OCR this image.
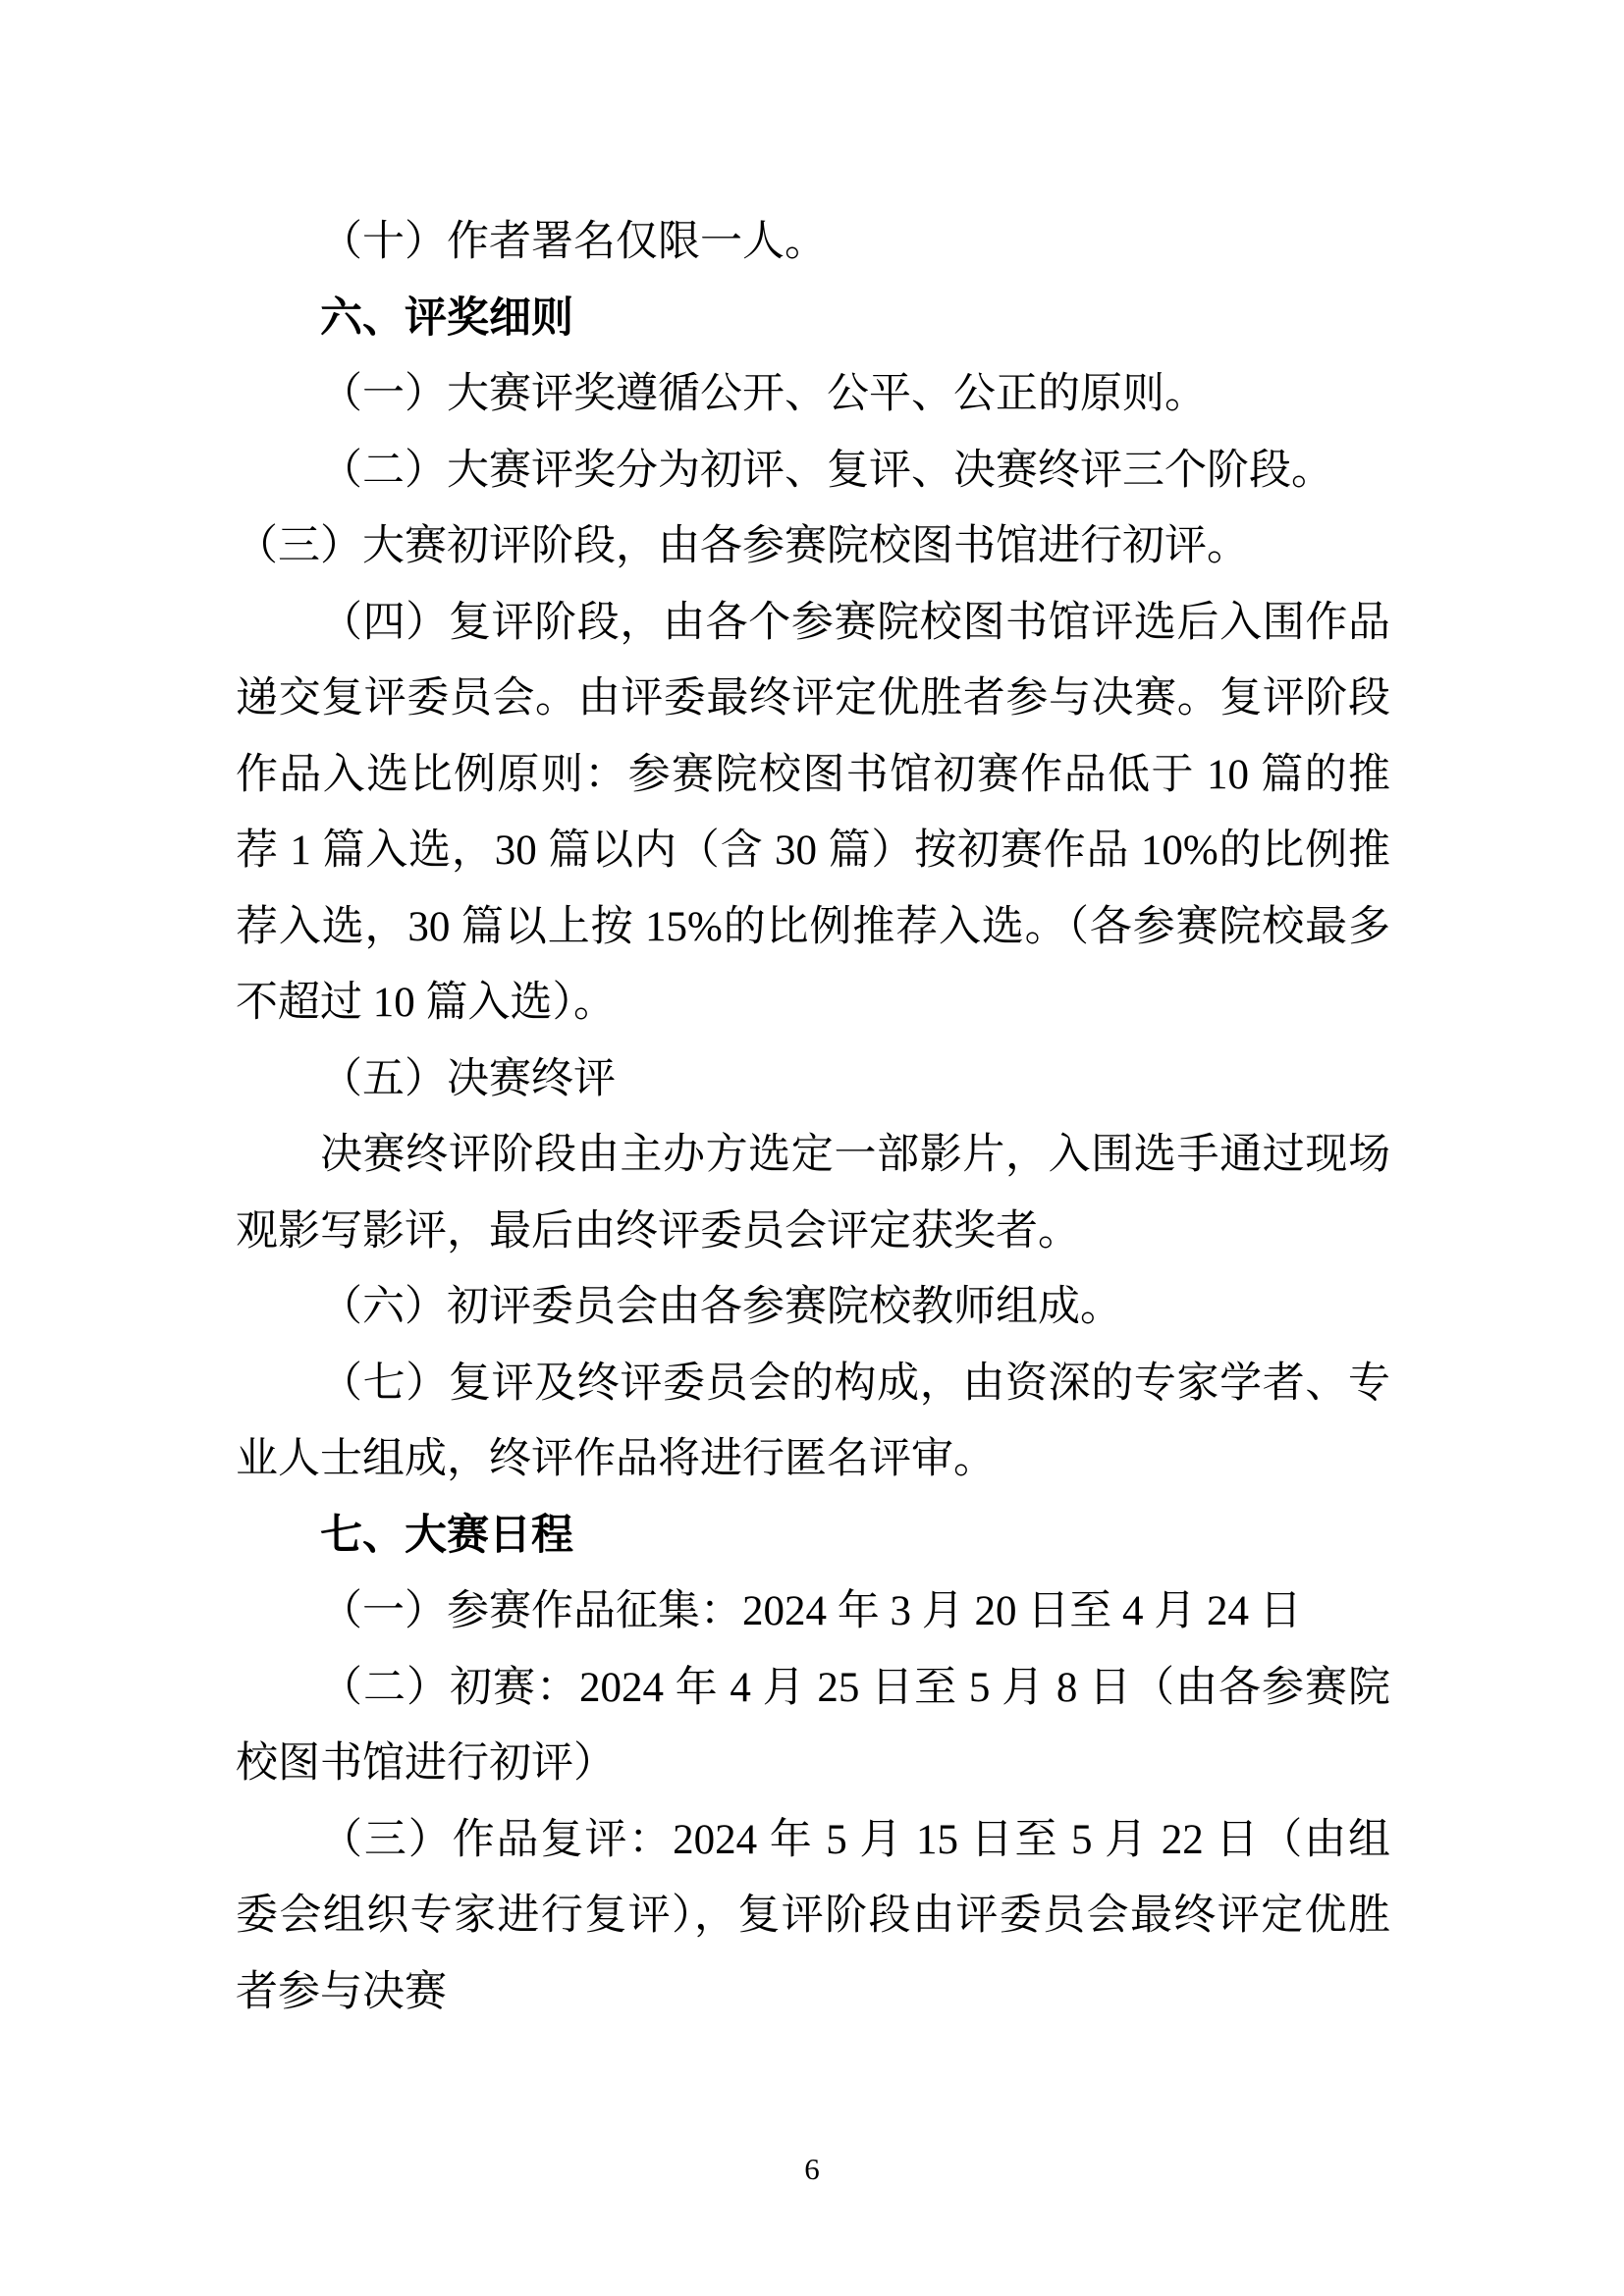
（十）作者署名仅限一人。
六、评奖细则
（一）大赛评奖遵循公开、公平、公正的原则。
（二）大赛评奖分为初评、复评、决赛终评三个阶段。
（三）大赛初评阶段，由各参赛院校图书馆进行初评。
（四）复评阶段，由各个参赛院校图书馆评选后入围作品
递交复评委员会。由评委最终评定优胜者参与决赛。复评阶段
作品入选比例原则：参赛院校图书馆初赛作品低于 10 篇的推
荐 1 篇入选，30 篇以内（含 30 篇）按初赛作品 10%的比例推
荐入选，30 篇以上按 15%的比例推荐入选。（各参赛院校最多
不超过 10 篇入选）。
（五）决赛终评
决赛终评阶段由主办方选定一部影片，入围选手通过现场
观影写影评，最后由终评委员会评定获奖者。
（六）初评委员会由各参赛院校教师组成。
（七）复评及终评委员会的构成，由资深的专家学者、专
业人士组成，终评作品将进行匿名评审。
七、大赛日程
（一）参赛作品征集：2024 年 3 月 20 日至 4 月 24 日
（二）初赛：2024 年 4 月 25 日至 5 月 8 日（由各参赛院
校图书馆进行初评）
（三）作品复评：2024 年 5 月 15 日至 5 月 22 日（由组
委会组织专家进行复评），复评阶段由评委员会最终评定优胜
者参与决赛
6
